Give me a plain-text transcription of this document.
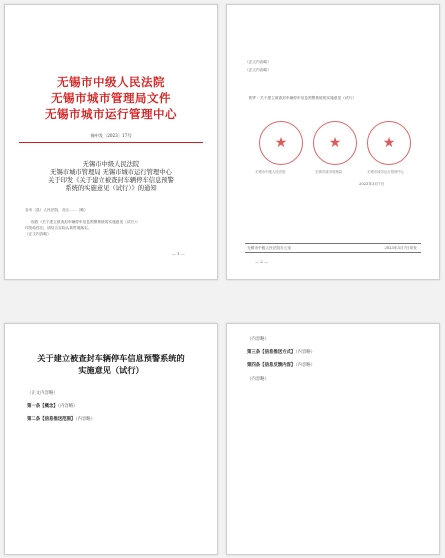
无锡市中级人民法院
无锡市城市管理局文件
无锡市城市运行管理中心
锡中发〔2023〕17号
无锡市中级人民法院
无锡市城市管理局 无锡市城市运行管理中心
关于印发《关于建立被查封车辆停车信息预警
系统的实施意见（试行）》的通知
各市（县）人民法院、各区……（略）
现将《关于建立被查封车辆停车信息预警系统的实施意见（试行）》
印发给你们，请结合实际认真贯彻落实。
（正文内容略）
— 1 —
（正文内容略）
（正文内容略）
附件：关于建立被查封车辆停车信息预警系统的实施意见（试行）
★	★	★
无锡市中级人民法院	无锡市城市管理局	无锡市城市运行管理中心
2023年3月7日
无锡市中级人民法院办公室	2023年3月7日印发
— 2 —
关于建立被查封车辆停车信息预警系统的
实施意见（试行）

（正文内容略）

第一条【概念】（内容略）

第二条【信息推送范围】（内容略）

（内容略）

第三条【信息推送方式】（内容略）

第四条【信息反馈内容】（内容略）

（内容略）
